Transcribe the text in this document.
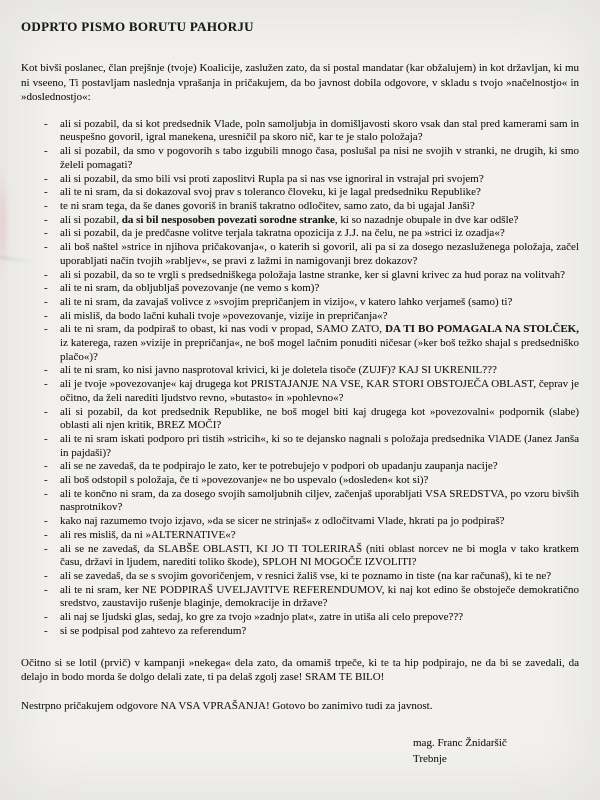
ODPRTO PISMO BORUTU PAHORJU

Kot bivši poslanec, član prejšnje (tvoje) Koalicije, zaslužen zato, da si postal mandatar (kar obžalujem) in kot državljan, ki mu ni vseeno, Ti postavljam naslednja vprašanja in pričakujem, da bo javnost dobila odgovore, v skladu s tvojo »načelnostjo« in »doslednostjo«:

- ali si pozabil, da si kot predsednik Vlade, poln samoljubja in domišljavosti skoro vsak dan stal pred kamerami sam in neuspešno govoril, igral manekena, uresničil pa skoro nič, kar te je stalo položaja?
- ali si pozabil, da smo v pogovorih s tabo izgubili mnogo časa, poslušal pa nisi ne svojih v stranki, ne drugih, ki smo želeli pomagati?
- ali si pozabil, da smo bili vsi proti zaposlitvi Rupla pa si nas vse ignoriral in vstrajal pri svojem?
- ali te ni sram, da si dokazoval svoj prav s toleranco človeku, ki je lagal predsedniku Republike?
- te ni sram tega, da še danes govoriš in braniš takratno odločitev, samo zato, da bi ugajal Janši?
- ali si pozabil, da si bil nesposoben povezati sorodne stranke, ki so nazadnje obupale in dve kar odšle?
- ali si pozabil, da je predčasne volitve terjala takratna opozicija z J.J. na čelu, ne pa »strici iz ozadja«?
- ali boš naštel »strice in njihova pričakovanja«, o katerih si govoril, ali pa si za dosego nezasluženega položaja, začel uporabljati način tvojih »rabljev«, se pravi z lažmi in namigovanji brez dokazov?
- ali si pozabil, da so te vrgli s predsedniškega položaja lastne stranke, ker si glavni krivec za hud poraz na volitvah?
- ali te ni sram, da obljubljaš povezovanje (ne vemo s kom)?
- ali te ni sram, da zavajaš volivce z »svojim prepričanjem in vizijo«, v katero lahko verjameš (samo) ti?
- ali misliš, da bodo lačni kuhali tvoje »povezovanje, vizije in prepričanja«?
- ali te ni sram, da podpiraš to obast, ki nas vodi v propad, SAMO ZATO, DA TI BO POMAGALA NA STOLČEK, iz katerega, razen »vizije in prepričanja«, ne boš mogel lačnim ponuditi ničesar (»ker boš težko shajal s predsedniško plačo«)?
- ali te ni sram, ko nisi javno nasprotoval krivici, ki je doletela tisoče (ZUJF)? KAJ SI UKRENIL???
- ali je tvoje »povezovanje« kaj drugega kot PRISTAJANJE NA VSE, KAR STORI OBSTOJEČA OBLAST, čeprav je očitno, da želi narediti ljudstvo revno, »butasto« in »pohlevno«?
- ali si pozabil, da kot predsednik Republike, ne boš mogel biti kaj drugega kot »povezovalni« podpornik (slabe) oblasti ali njen kritik, BREZ MOČI?
- ali te ni sram iskati podporo pri tistih »stricih«, ki so te dejansko nagnali s položaja predsednika VlADE (Janez Janša in pajdaši)?
- ali se ne zavedaš, da te podpirajo le zato, ker te potrebujejo v podpori ob upadanju zaupanja nacije?
- ali boš odstopil s položaja, če ti »povezovanje« ne bo uspevalo (»dosleden« kot si)?
- ali te končno ni sram, da za dosego svojih samoljubnih ciljev, začenjaš uporabljati VSA SREDSTVA, po vzoru bivših nasprotnikov?
- kako naj razumemo tvojo izjavo, »da se sicer ne strinjaš« z odločitvami Vlade, hkrati pa jo podpiraš?
- ali res misliš, da ni »ALTERNATIVE«?
- ali se ne zavedaš, da SLABŠE OBLASTI, KI JO TI TOLERIRAŠ (niti oblast norcev ne bi mogla v tako kratkem času, državi in ljudem, narediti toliko škode), SPLOH NI MOGOČE IZVOLITI?
- ali se zavedaš, da se s svojim govoričenjem, v resnici žališ vse, ki te poznamo in tiste (na kar računaš), ki te ne?
- ali te ni sram, ker NE PODPIRAŠ UVELJAVITVE REFERENDUMOV, ki naj kot edino še obstoječe demokratično sredstvo, zaustavijo rušenje blaginje, demokracije in države?
- ali naj se ljudski glas, sedaj, ko gre za tvojo »zadnjo plat«, zatre in utiša ali celo prepove???
- si se podpisal pod zahtevo za referendum?

Očitno si se lotil (prvič) v kampanji »nekega« dela zato, da omamiš trpeče, ki te ta hip podpirajo, ne da bi se zavedali, da delajo in bodo morda še dolgo delali zate, ti pa delaš zgolj zase! SRAM TE BILO!

Nestrpno pričakujem odgovore NA VSA VPRAŠANJA! Gotovo bo zanimivo tudi za javnost.

mag. Franc Žnidaršič
Trebnje
